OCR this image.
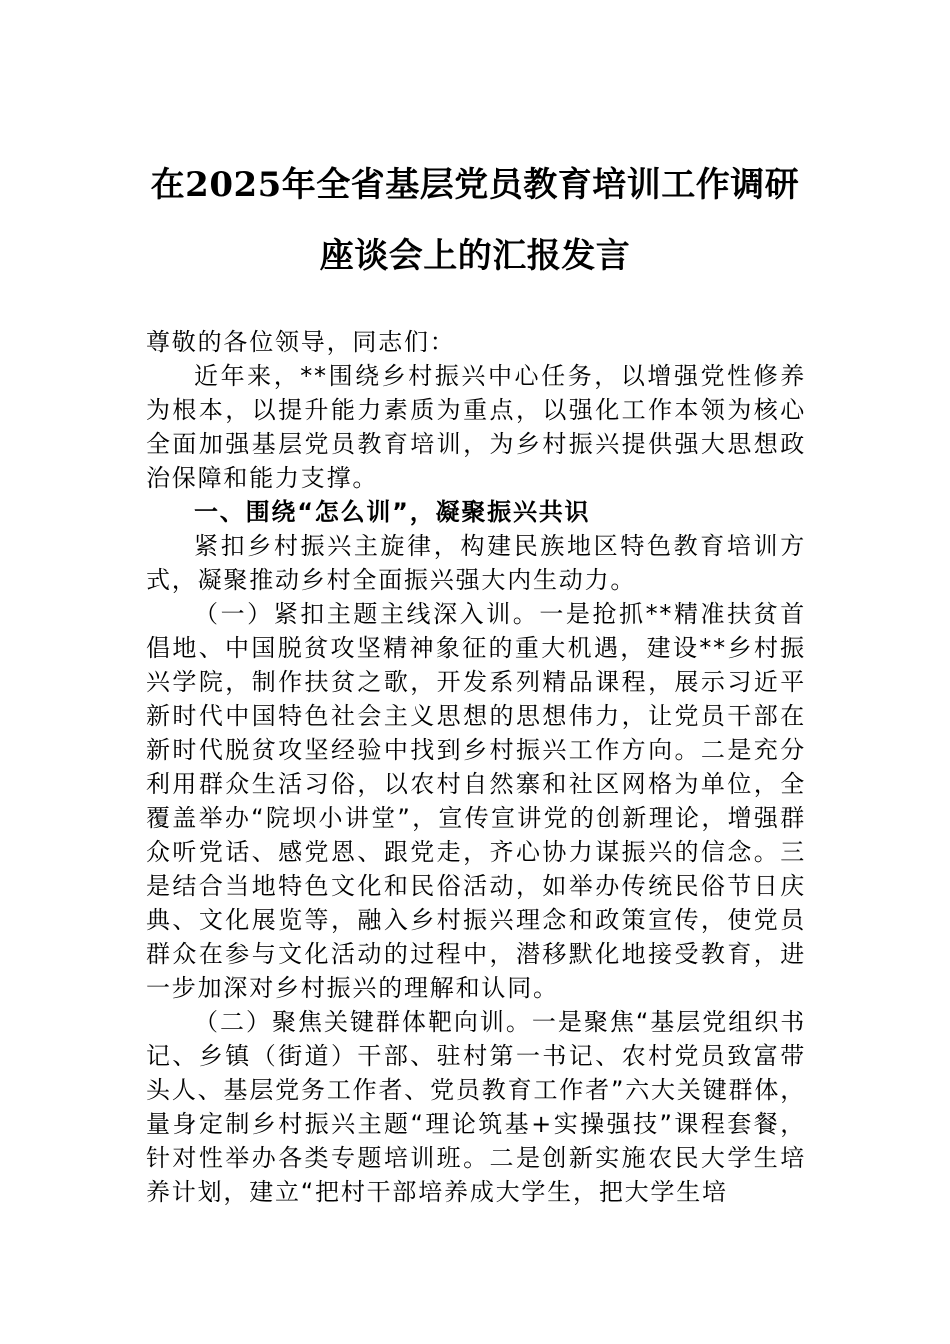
在2025年全省基层党员教育培训工作调研
座谈会上的汇报发言

尊敬的各位领导，同志们：

近年来，**围绕乡村振兴中心任务，以增强党性修养为根本，以提升能力素质为重点，以强化工作本领为核心全面加强基层党员教育培训，为乡村振兴提供强大思想政治保障和能力支撑。

一、围绕“怎么训”，凝聚振兴共识

紧扣乡村振兴主旋律，构建民族地区特色教育培训方式，凝聚推动乡村全面振兴强大内生动力。

（一）紧扣主题主线深入训。一是抢抓**精准扶贫首倡地、中国脱贫攻坚精神象征的重大机遇，建设**乡村振兴学院，制作扶贫之歌，开发系列精品课程，展示习近平新时代中国特色社会主义思想的思想伟力，让党员干部在新时代脱贫攻坚经验中找到乡村振兴工作方向。二是充分利用群众生活习俗，以农村自然寨和社区网格为单位，全覆盖举办“院坝小讲堂”，宣传宣讲党的创新理论，增强群众听党话、感党恩、跟党走，齐心协力谋振兴的信念。三是结合当地特色文化和民俗活动，如举办传统民俗节日庆典、文化展览等，融入乡村振兴理念和政策宣传，使党员群众在参与文化活动的过程中，潜移默化地接受教育，进一步加深对乡村振兴的理解和认同。

（二）聚焦关键群体靶向训。一是聚焦“基层党组织书记、乡镇（街道）干部、驻村第一书记、农村党员致富带头人、基层党务工作者、党员教育工作者”六大关键群体，量身定制乡村振兴主题“理论筑基+实操强技”课程套餐，针对性举办各类专题培训班。二是创新实施农民大学生培养计划，建立“把村干部培养成大学生，把大学生培
